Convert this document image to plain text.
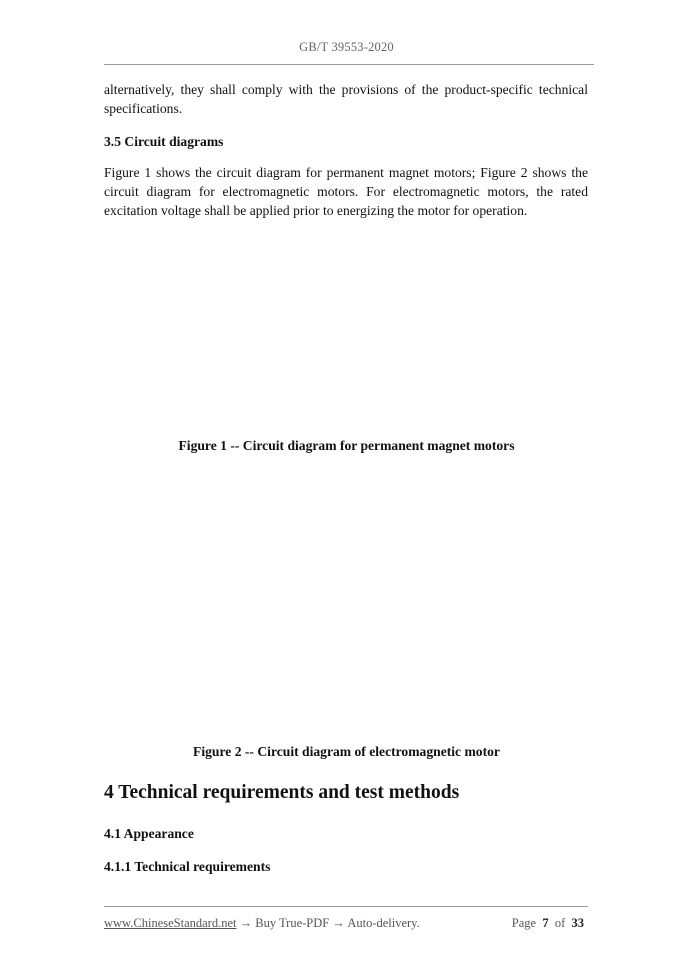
GB/T 39553-2020

alternatively, they shall comply with the provisions of the product-specific technical specifications.

3.5 Circuit diagrams

Figure 1 shows the circuit diagram for permanent magnet motors; Figure 2 shows the circuit diagram for electromagnetic motors. For electromagnetic motors, the rated excitation voltage shall be applied prior to energizing the motor for operation.

Figure 1 -- Circuit diagram for permanent magnet motors
Figure 2 -- Circuit diagram of electromagnetic motor
4 Technical requirements and test methods

4.1 Appearance

4.1.1 Technical requirements

www.ChineseStandard.net → Buy True-PDF → Auto-delivery.	Page 7 of 33
